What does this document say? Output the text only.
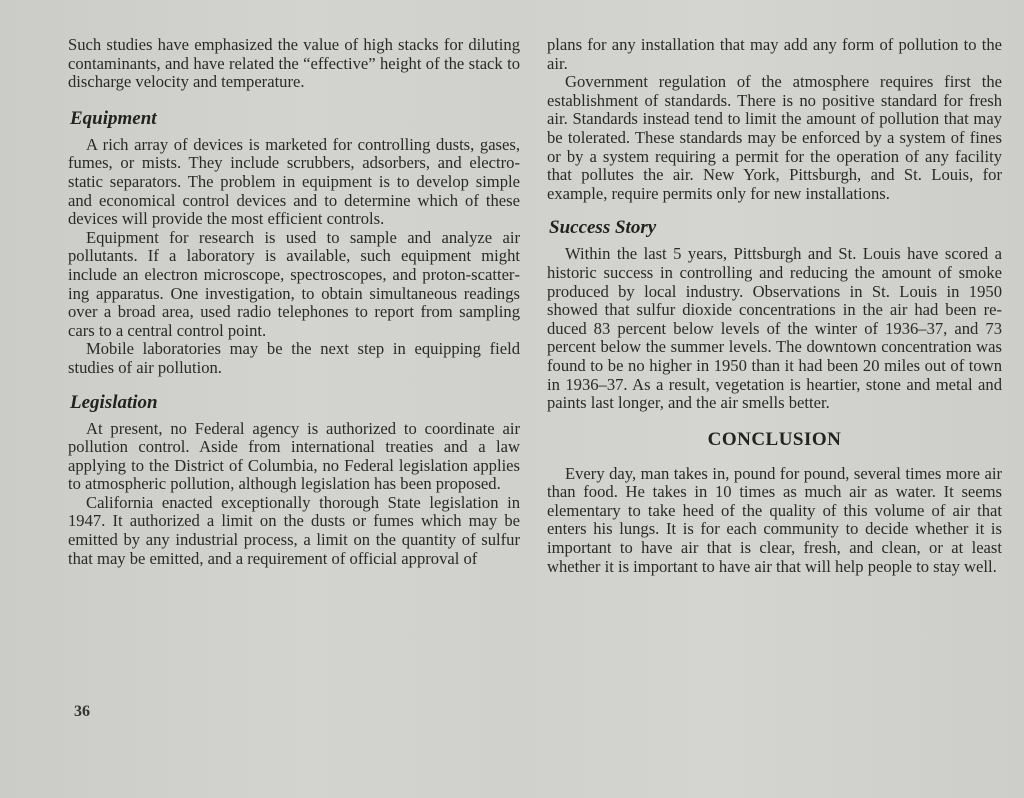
Such studies have emphasized the value of high stacks for diluting contaminants, and have related the “effective” height of the stack to discharge velocity and temperature.

Equipment

A rich array of devices is marketed for controlling dusts, gases, fumes, or mists. They include scrubbers, adsorbers, and electrostatic separators. The problem in equipment is to develop simple and economical control devices and to determine which of these devices will provide the most efficient controls.

Equipment for research is used to sample and analyze air pollutants. If a laboratory is available, such equipment might include an electron microscope, spectroscopes, and proton-scattering apparatus. One investigation, to obtain simultaneous readings over a broad area, used radio telephones to report from sampling cars to a central control point.

Mobile laboratories may be the next step in equipping field studies of air pollution.

Legislation

At present, no Federal agency is authorized to coordinate air pollution control. Aside from international treaties and a law applying to the District of Columbia, no Federal legislation applies to atmospheric pollution, although legislation has been proposed.

California enacted exceptionally thorough State legislation in 1947. It authorized a limit on the dusts or fumes which may be emitted by any industrial process, a limit on the quantity of sulfur that may be emitted, and a requirement of official approval of

36

plans for any installation that may add any form of pollution to the air.

Government regulation of the atmosphere requires first the establishment of standards. There is no positive standard for fresh air. Standards instead tend to limit the amount of pollution that may be tolerated. These standards may be enforced by a system of fines or by a system requiring a permit for the operation of any facility that pollutes the air. New York, Pittsburgh, and St. Louis, for example, require permits only for new installations.

Success Story

Within the last 5 years, Pittsburgh and St. Louis have scored a historic success in controlling and reducing the amount of smoke produced by local industry. Observations in St. Louis in 1950 showed that sulfur dioxide concentrations in the air had been reduced 83 percent below levels of the winter of 1936–37, and 73 percent below the summer levels. The downtown concentration was found to be no higher in 1950 than it had been 20 miles out of town in 1936–37. As a result, vegetation is heartier, stone and metal and paints last longer, and the air smells better.

CONCLUSION

Every day, man takes in, pound for pound, several times more air than food. He takes in 10 times as much air as water. It seems elementary to take heed of the quality of this volume of air that enters his lungs. It is for each community to decide whether it is important to have air that is clear, fresh, and clean, or at least whether it is important to have air that will help people to stay well.
